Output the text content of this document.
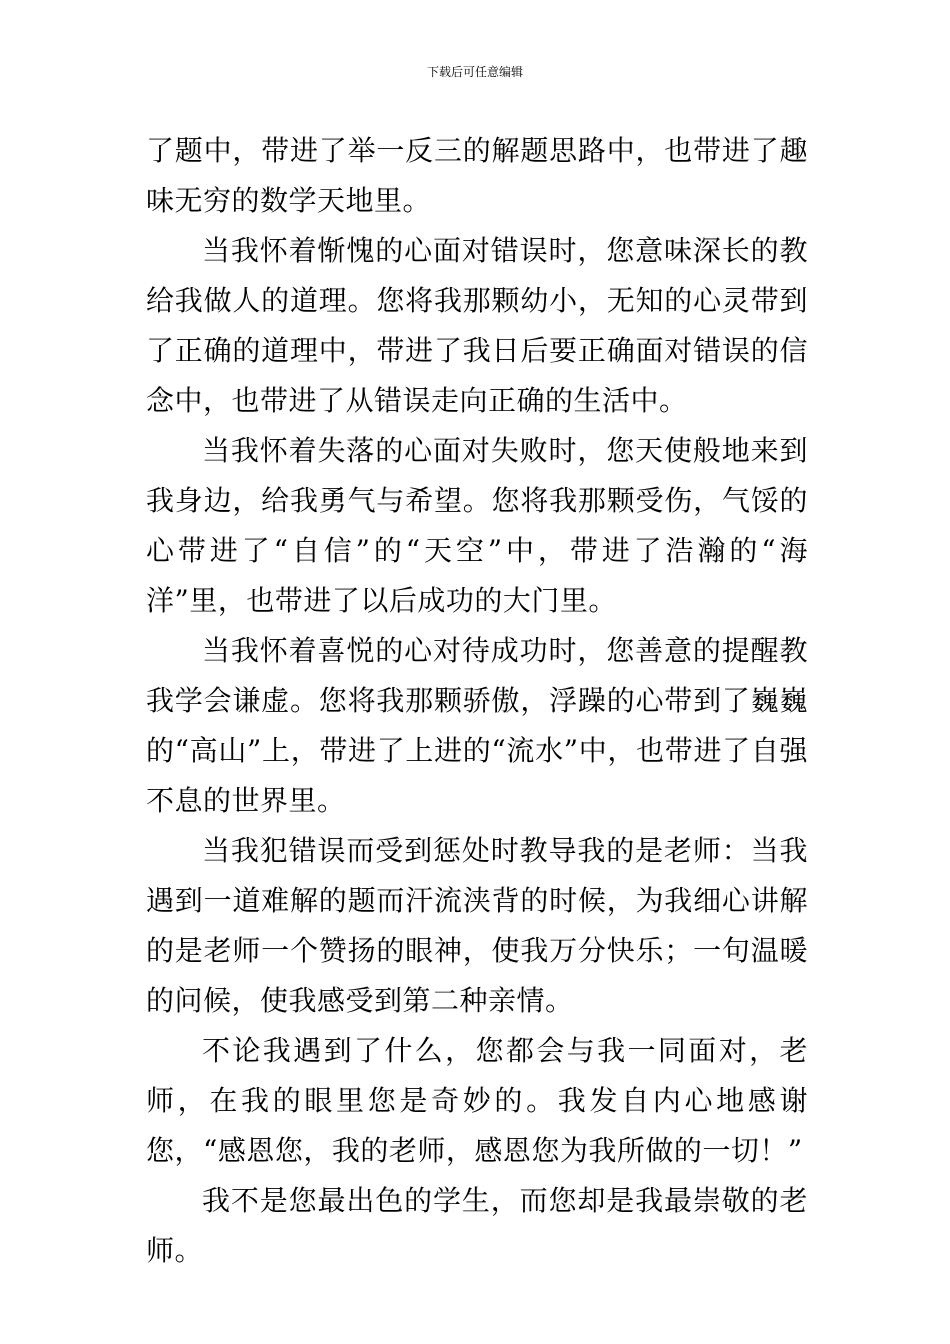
下载后可任意编辑

了题中，带进了举一反三的解题思路中，也带进了趣味无穷的数学天地里。

当我怀着惭愧的心面对错误时，您意味深长的教给我做人的道理。您将我那颗幼小，无知的心灵带到了正确的道理中，带进了我日后要正确面对错误的信念中，也带进了从错误走向正确的生活中。

当我怀着失落的心面对失败时，您天使般地来到我身边，给我勇气与希望。您将我那颗受伤，气馁的心带进了“自信”的“天空”中，带进了浩瀚的“海洋”里，也带进了以后成功的大门里。

当我怀着喜悦的心对待成功时，您善意的提醒教我学会谦虚。您将我那颗骄傲，浮躁的心带到了巍巍的“高山”上，带进了上进的“流水”中，也带进了自强不息的世界里。

当我犯错误而受到惩处时教导我的是老师：当我遇到一道难解的题而汗流浃背的时候，为我细心讲解的是老师一个赞扬的眼神，使我万分快乐；一句温暖的问候，使我感受到第二种亲情。

不论我遇到了什么，您都会与我一同面对，老师，在我的眼里您是奇妙的。我发自内心地感谢您，“感恩您，我的老师，感恩您为我所做的一切！”

我不是您最出色的学生，而您却是我最崇敬的老师。
